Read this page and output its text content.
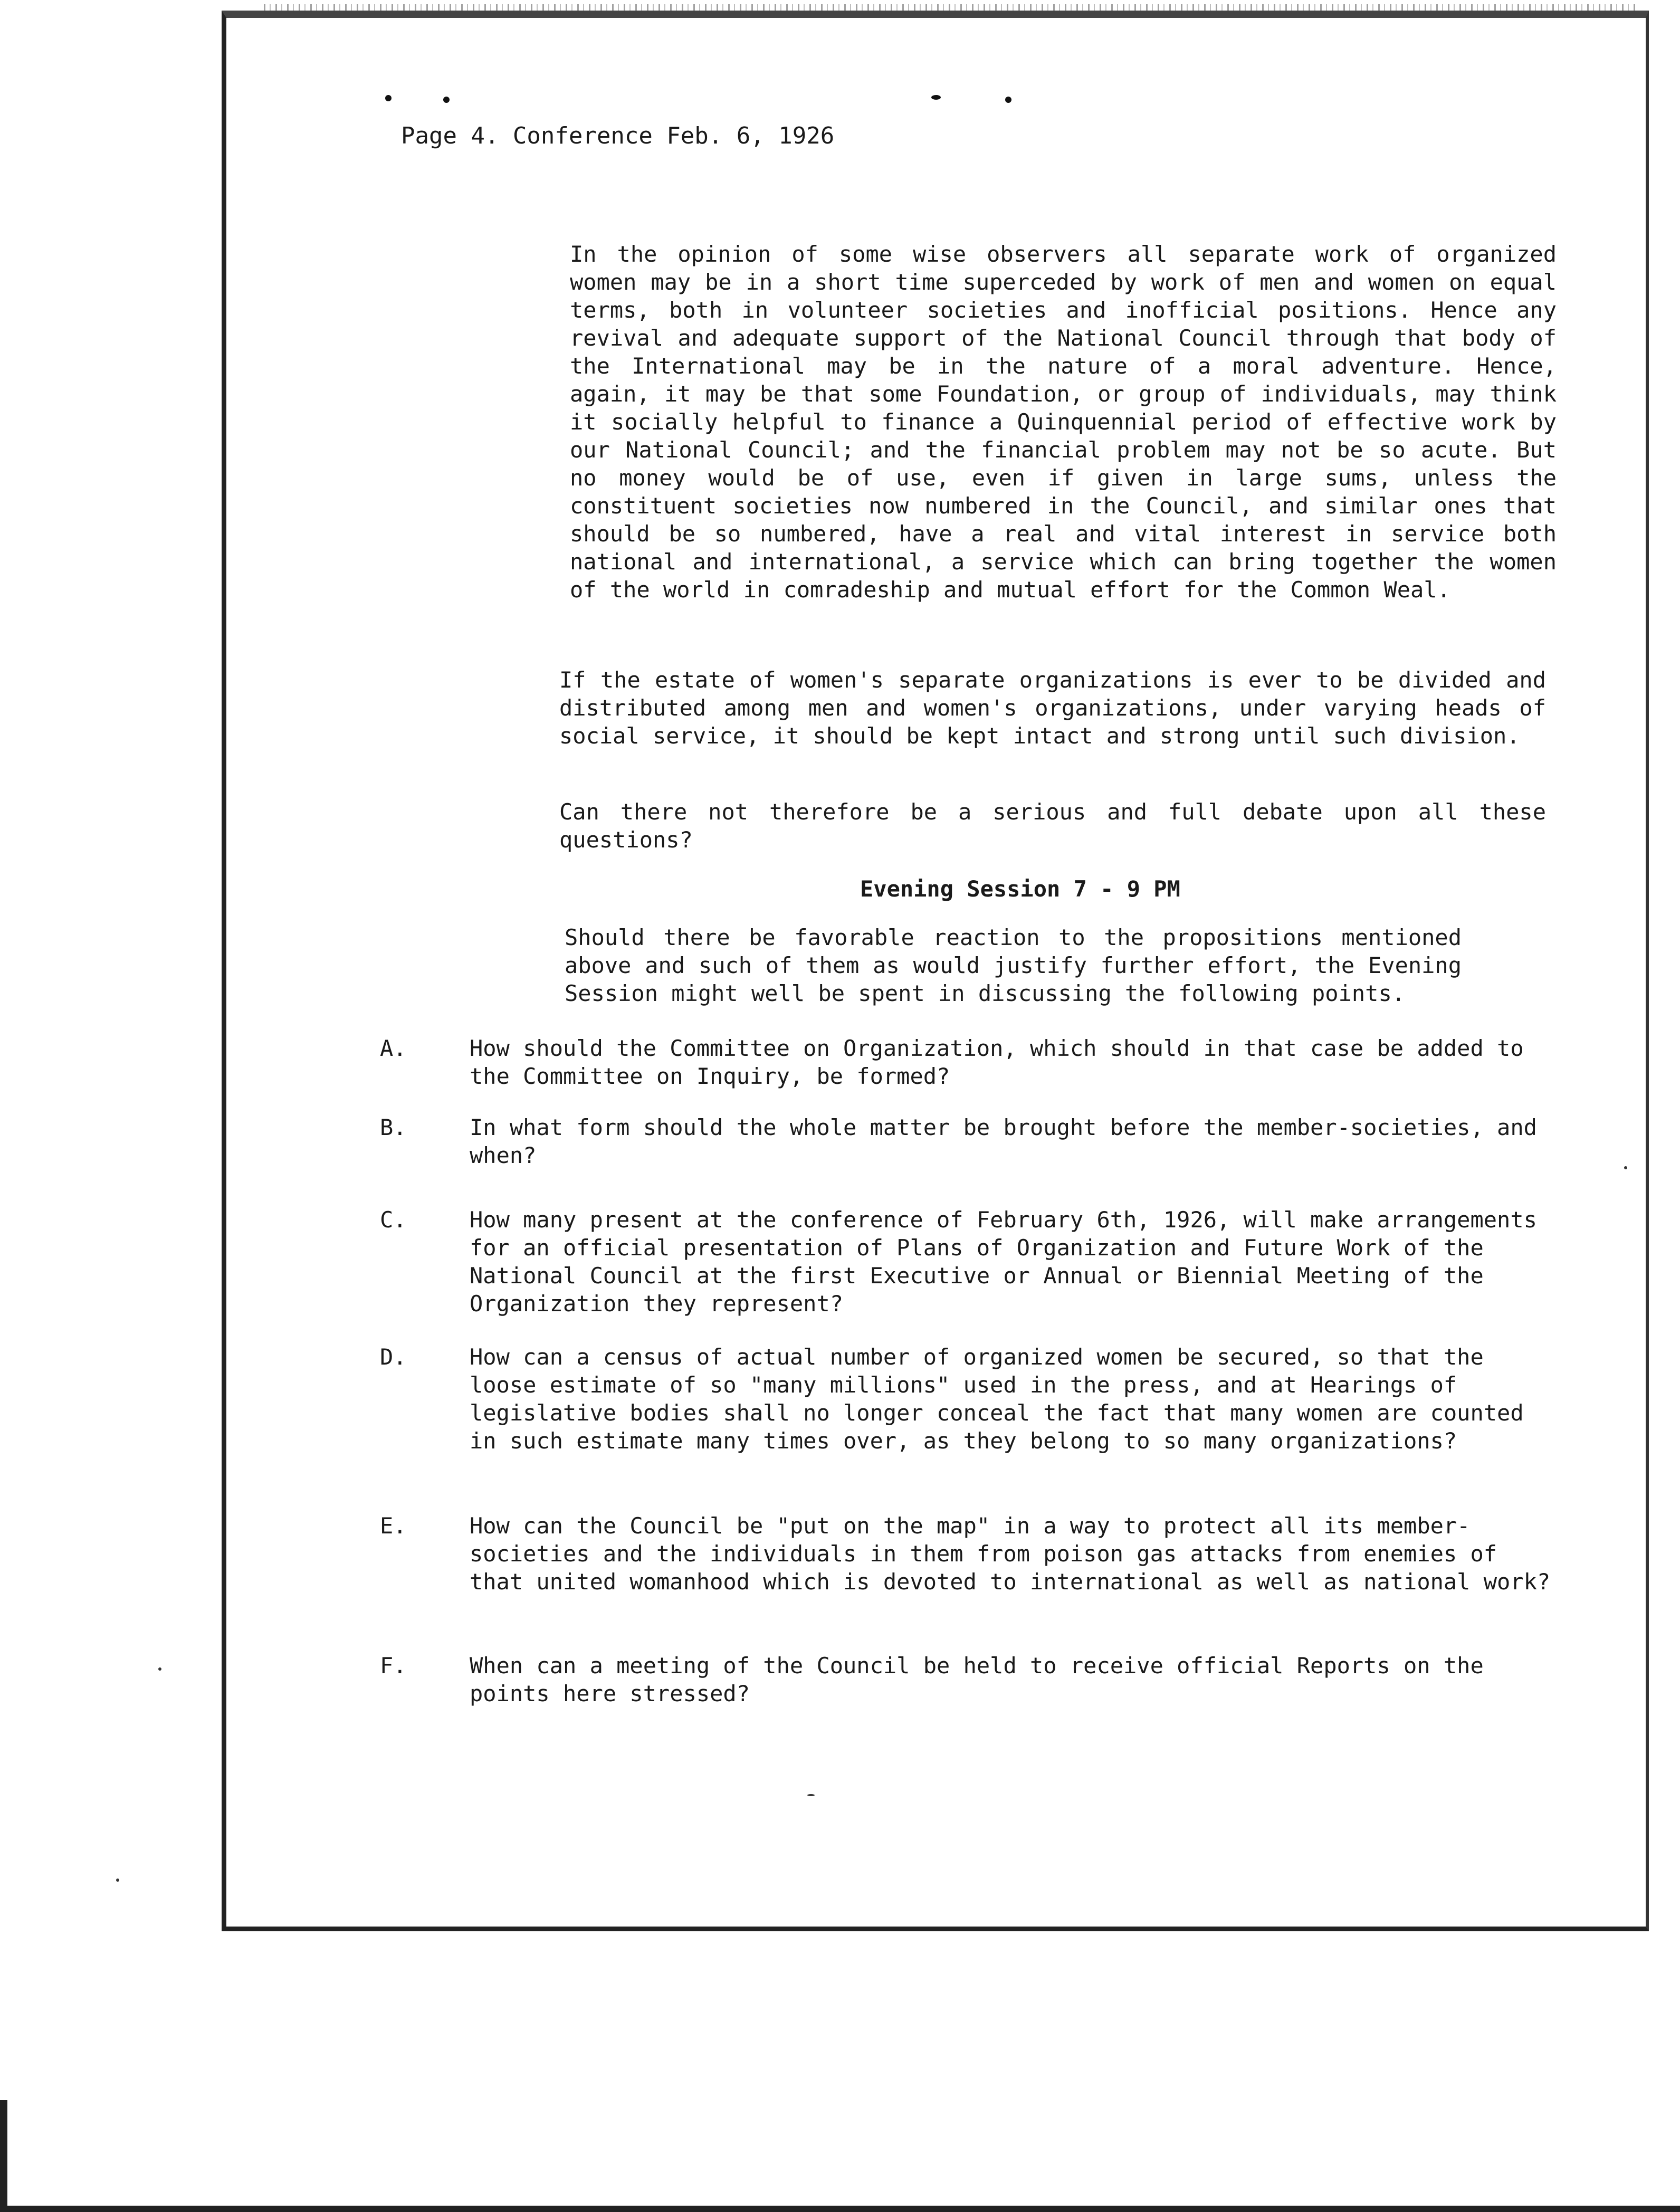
Page 4. Conference Feb. 6, 1926

In the opinion of some wise observers all separate work of organized women may be in a short time superceded by work of men and women on equal terms, both in volunteer societies and inofficial positions. Hence any revival and adequate support of the National Council through that body of the International may be in the nature of a moral adventure. Hence, again, it may be that some Foundation, or group of individuals, may think it socially helpful to finance a Quinquennial period of effective work by our National Council; and the financial problem may not be so acute. But no money would be of use, even if given in large sums, unless the constituent societies now numbered in the Council, and similar ones that should be so numbered, have a real and vital interest in service both national and international, a service which can bring together the women of the world in comradeship and mutual effort for the Common Weal.

If the estate of women's separate organizations is ever to be divided and distributed among men and women's organizations, under varying heads of social service, it should be kept intact and strong until such division.

Can there not therefore be a serious and full debate upon all these questions?

Evening Session 7 - 9 PM

Should there be favorable reaction to the propositions mentioned above and such of them as would justify further effort, the Evening Session might well be spent in discussing the following points.

A.	How should the Committee on Organization, which should in that case be added to the Committee on Inquiry, be formed?
B.	In what form should the whole matter be brought before the member-societies, and when?
C.	How many present at the conference of February 6th, 1926, will make arrangements for an official presentation of Plans of Organization and Future Work of the National Council at the first Executive or Annual or Biennial Meeting of the Organization they represent?
D.	How can a census of actual number of organized women be secured, so that the loose estimate of so "many millions" used in the press, and at Hearings of legislative bodies shall no longer conceal the fact that many women are counted in such estimate many times over, as they belong to so many organizations?
E.	How can the Council be "put on the map" in a way to protect all its member-societies and the individuals in them from poison gas attacks from enemies of that united womanhood which is devoted to international as well as national work?
F.	When can a meeting of the Council be held to receive official Reports on the points here stressed?
